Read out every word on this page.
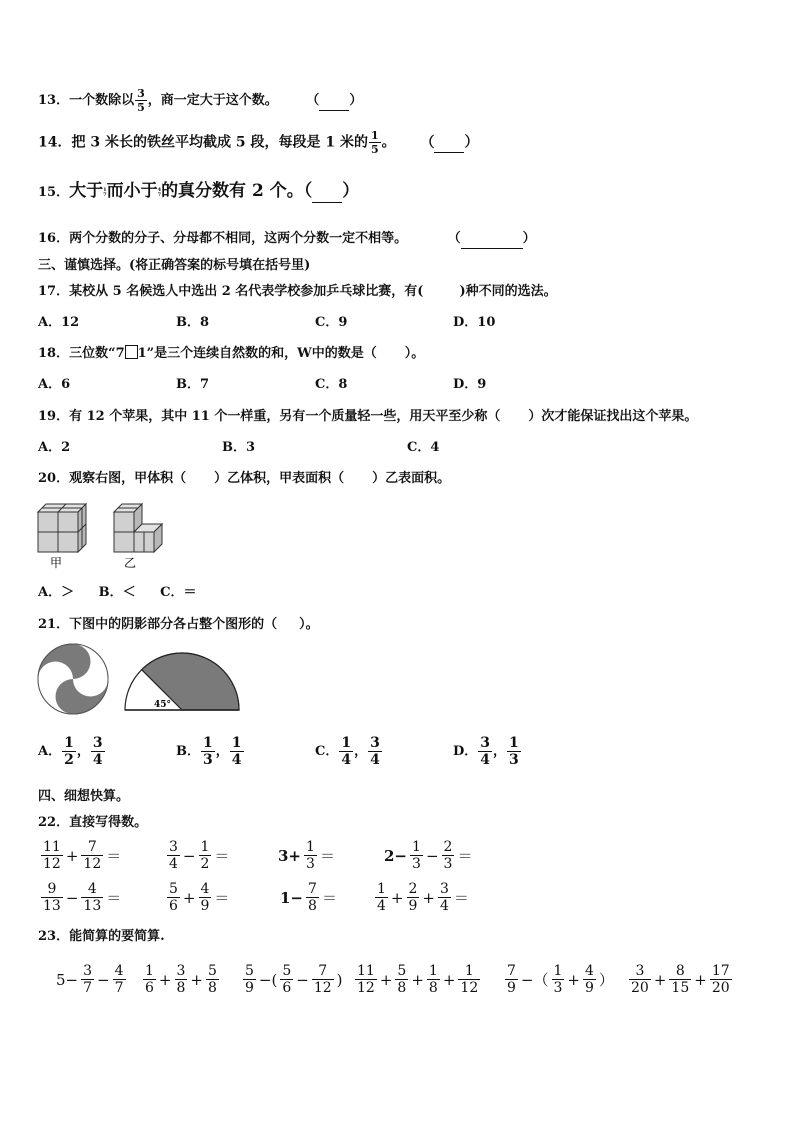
13．一个数除以 $\frac{3}{5}$ ，商一定大于这个数。 （ ）
14．把 3 米长的铁丝平均截成 5 段，每段是 1 米的 $\frac{1}{5}$ 。 （ ）
15．大于 1
7 而小于 4
7 的真分数有 2 个。（ ）
16．两个分数的分子、分母都不相同，这两个分数一定不相等。	（	）
三、谨慎选择。(将正确答案的标号填在括号里)
17．某校从 5 名候选人中选出 2 名代表学校参加乒乓球比赛，有(	)种不同的选法。
A．12	B．8	C．9	D．10
18．三位数“7 1”是三个连续自然数的和，W中的数是（ ）。
A．6	B．7	C．8	D．9
19．有 12 个苹果，其中 11 个一样重，另有一个质量轻一些，用天平至少称（ ）次才能保证找出这个苹果。
A．2	B．3	C．4
20．观察右图，甲体积（ ）乙体积，甲表面积（ ）乙表面积。
甲	乙
A．＞ B．＜ C．＝
21．下图中的阴影部分各占整个图形的（ ）。
45°
A． $\frac{1}{2}$ ， $\frac{3}{4}$	B． $\frac{1}{3}$ ， $\frac{1}{4}$	C． $\frac{1}{4}$ ， $\frac{3}{4}$	D． $\frac{3}{4}$ ， $\frac{1}{3}$
四、细想快算。
22．直接写得数。
$\frac{11}{12} + \frac{7}{12}$ ＝	$\frac{3}{4} - \frac{1}{2}$ ＝	$3+ \frac{1}{3}$ ＝	$2- \frac{1}{3} - \frac{2}{3}$ ＝
$\frac{9}{13} - \frac{4}{13}$ ＝	$\frac{5}{6} + \frac{4}{9}$ ＝	$1- \frac{7}{8}$ ＝	$\frac{1}{4} + \frac{2}{9} + \frac{3}{4}$ ＝
23．能简算的要简算.
$5- \frac{3}{7} - \frac{4}{7} \frac{1}{6} + \frac{3}{8} + \frac{5}{8} \frac{5}{9}$ −( $\frac{5}{6} - \frac{7}{12}$ ) $\frac{11}{12} + \frac{5}{8} + \frac{1}{8} + \frac{1}{12} \frac{7}{9}$ −（ $\frac{1}{3} + \frac{4}{9}$ ） $\frac{3}{20} + \frac{8}{15} + \frac{17}{20}$
